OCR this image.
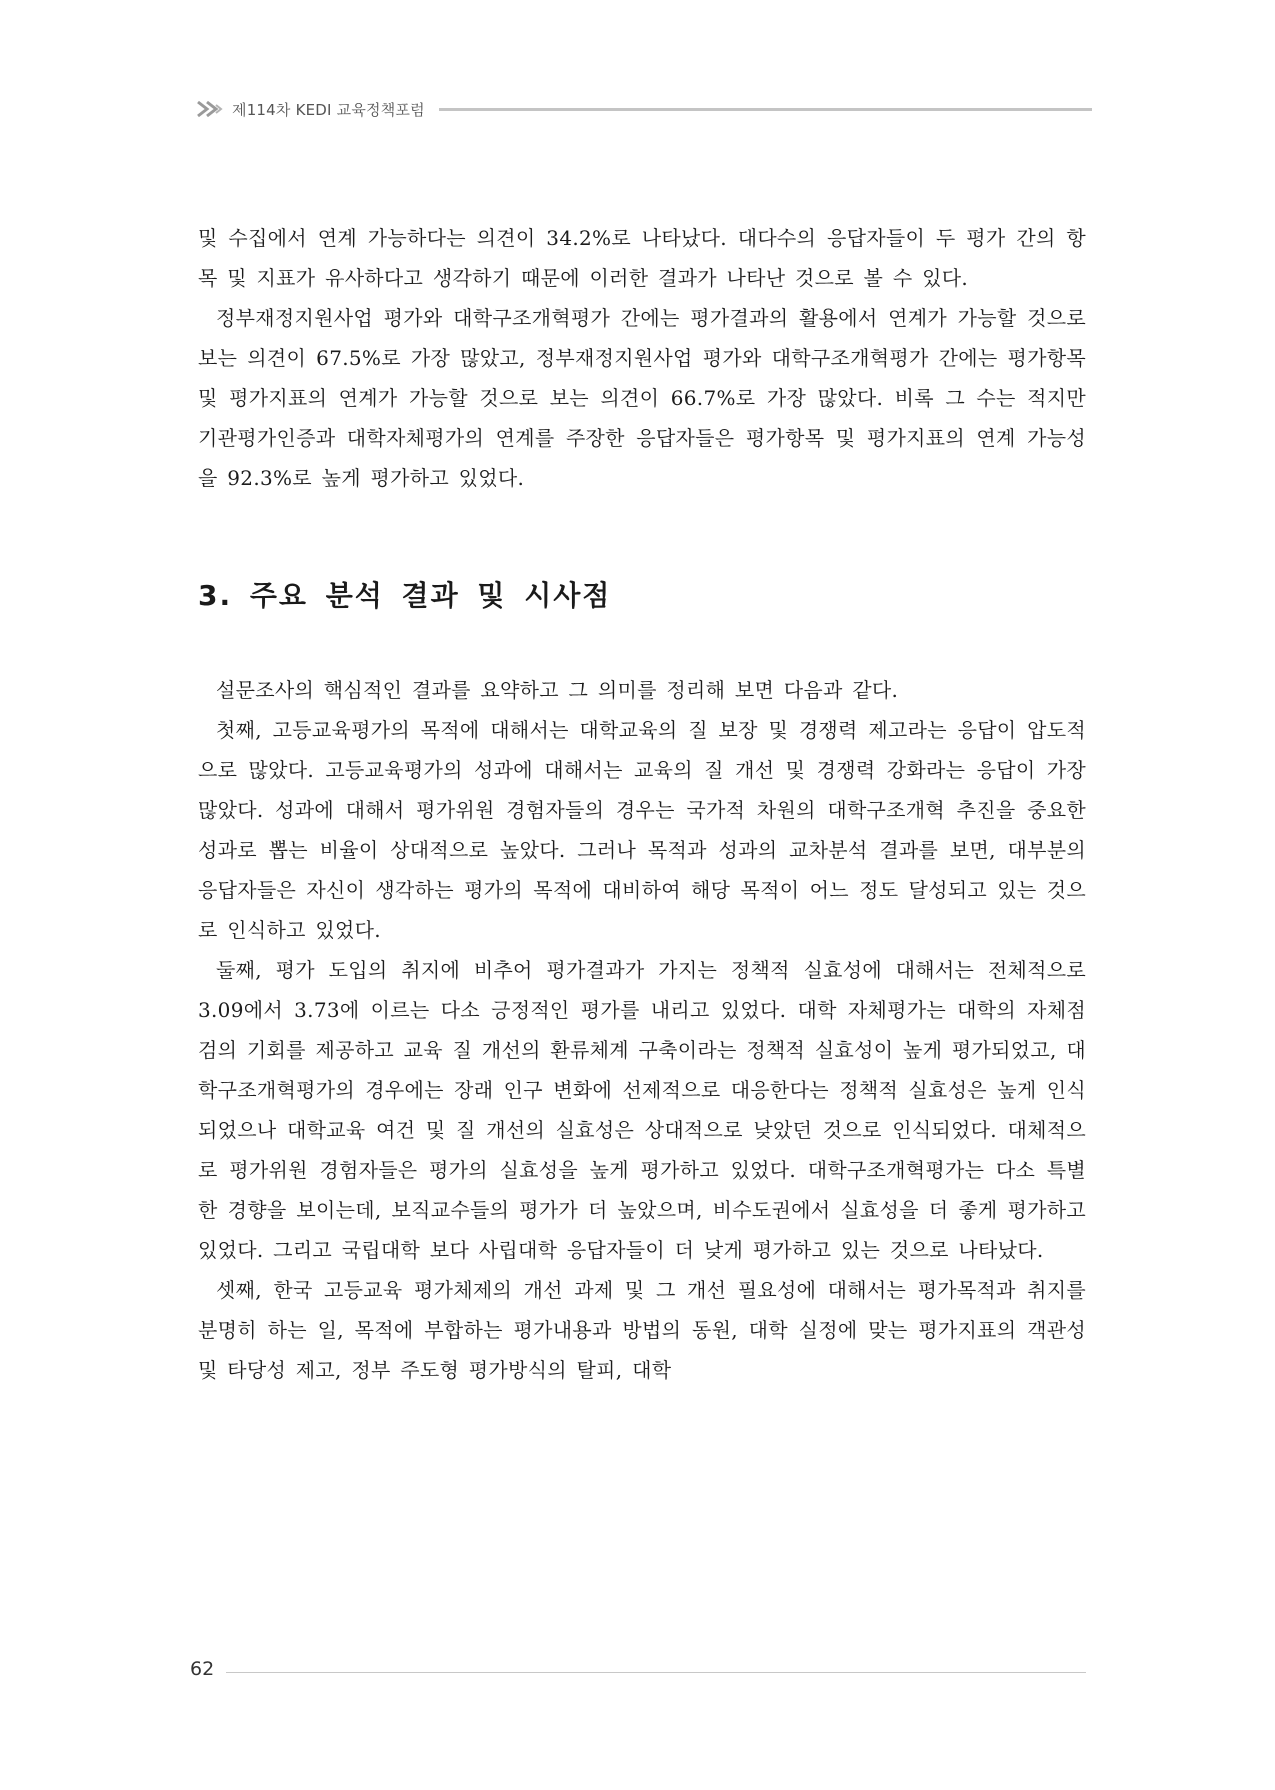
제114차 KEDI 교육정책포럼

및 수집에서 연계 가능하다는 의견이 34.2%로 나타났다. 대다수의 응답자들이 두 평가 간의 항목 및 지표가 유사하다고 생각하기 때문에 이러한 결과가 나타난 것으로 볼 수 있다.

정부재정지원사업 평가와 대학구조개혁평가 간에는 평가결과의 활용에서 연계가 가능할 것으로 보는 의견이 67.5%로 가장 많았고, 정부재정지원사업 평가와 대학구조개혁평가 간에는 평가항목 및 평가지표의 연계가 가능할 것으로 보는 의견이 66.7%로 가장 많았다. 비록 그 수는 적지만 기관평가인증과 대학자체평가의 연계를 주장한 응답자들은 평가항목 및 평가지표의 연계 가능성을 92.3%로 높게 평가하고 있었다.

3. 주요 분석 결과 및 시사점

설문조사의 핵심적인 결과를 요약하고 그 의미를 정리해 보면 다음과 같다.

첫째, 고등교육평가의 목적에 대해서는 대학교육의 질 보장 및 경쟁력 제고라는 응답이 압도적으로 많았다. 고등교육평가의 성과에 대해서는 교육의 질 개선 및 경쟁력 강화라는 응답이 가장 많았다. 성과에 대해서 평가위원 경험자들의 경우는 국가적 차원의 대학구조개혁 추진을 중요한 성과로 뽑는 비율이 상대적으로 높았다. 그러나 목적과 성과의 교차분석 결과를 보면, 대부분의 응답자들은 자신이 생각하는 평가의 목적에 대비하여 해당 목적이 어느 정도 달성되고 있는 것으로 인식하고 있었다.

둘째, 평가 도입의 취지에 비추어 평가결과가 가지는 정책적 실효성에 대해서는 전체적으로 3.09에서 3.73에 이르는 다소 긍정적인 평가를 내리고 있었다. 대학 자체평가는 대학의 자체점검의 기회를 제공하고 교육 질 개선의 환류체계 구축이라는 정책적 실효성이 높게 평가되었고, 대학구조개혁평가의 경우에는 장래 인구 변화에 선제적으로 대응한다는 정책적 실효성은 높게 인식되었으나 대학교육 여건 및 질 개선의 실효성은 상대적으로 낮았던 것으로 인식되었다. 대체적으로 평가위원 경험자들은 평가의 실효성을 높게 평가하고 있었다. 대학구조개혁평가는 다소 특별한 경향을 보이는데, 보직교수들의 평가가 더 높았으며, 비수도권에서 실효성을 더 좋게 평가하고 있었다. 그리고 국립대학 보다 사립대학 응답자들이 더 낮게 평가하고 있는 것으로 나타났다.

셋째, 한국 고등교육 평가체제의 개선 과제 및 그 개선 필요성에 대해서는 평가목적과 취지를 분명히 하는 일, 목적에 부합하는 평가내용과 방법의 동원, 대학 실정에 맞는 평가지표의 객관성 및 타당성 제고, 정부 주도형 평가방식의 탈피, 대학

62
